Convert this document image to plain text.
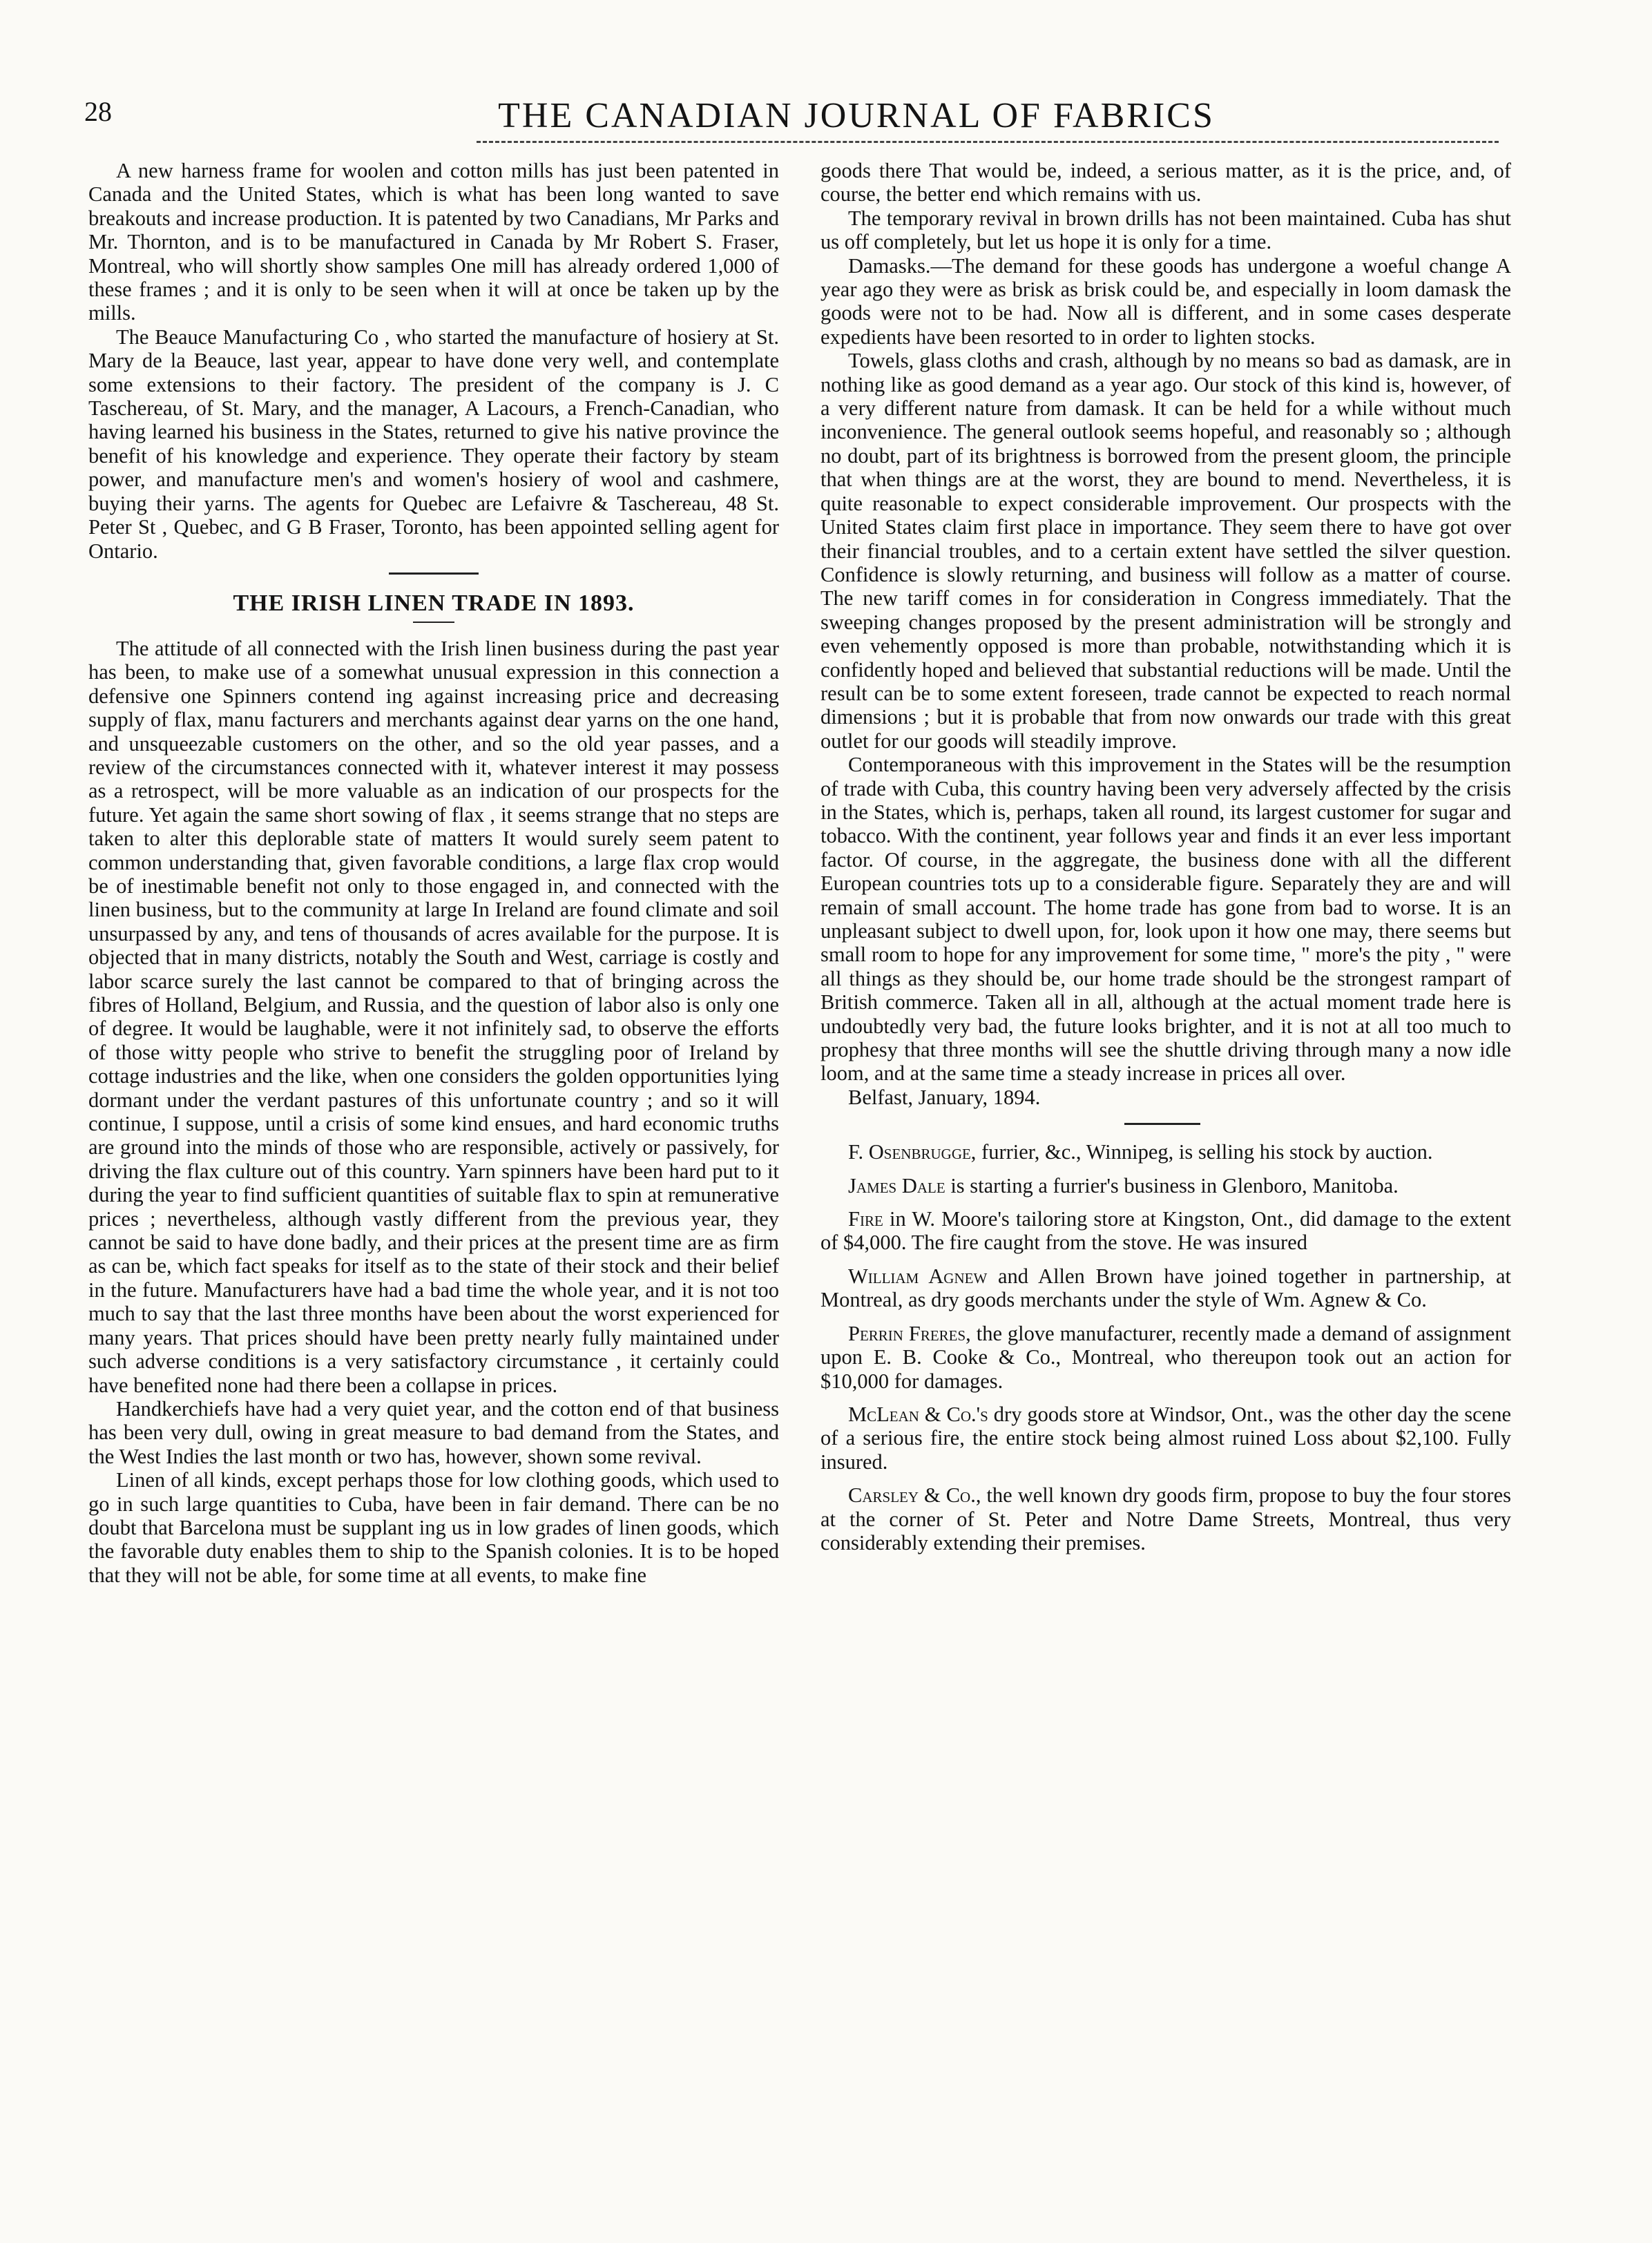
28	THE CANADIAN JOURNAL OF FABRICS

A new harness frame for woolen and cotton mills has just been patented in Canada and the United States, which is what has been long wanted to save breakouts and increase production. It is patented by two Canadians, Mr Parks and Mr. Thornton, and is to be manufactured in Canada by Mr Robert S. Fraser, Montreal, who will shortly show samples One mill has already ordered 1,000 of these frames ; and it is only to be seen when it will at once be taken up by the mills.

The Beauce Manufacturing Co , who started the manufacture of hosiery at St. Mary de la Beauce, last year, appear to have done very well, and contemplate some extensions to their factory. The president of the company is J. C Taschereau, of St. Mary, and the manager, A Lacours, a French-Canadian, who having learned his business in the States, returned to give his native province the benefit of his knowledge and experience. They operate their factory by steam power, and manufacture men's and women's hosiery of wool and cashmere, buying their yarns. The agents for Quebec are Lefaivre & Taschereau, 48 St. Peter St , Quebec, and G B Fraser, Toronto, has been appointed selling agent for Ontario.

THE IRISH LINEN TRADE IN 1893.

The attitude of all connected with the Irish linen business during the past year has been, to make use of a somewhat unusual expression in this connection a defensive one Spinners contend ing against increasing price and decreasing supply of flax, manu facturers and merchants against dear yarns on the one hand, and unsqueezable customers on the other, and so the old year passes, and a review of the circumstances connected with it, whatever interest it may possess as a retrospect, will be more valuable as an indication of our prospects for the future. Yet again the same short sowing of flax , it seems strange that no steps are taken to alter this deplorable state of matters It would surely seem patent to common understanding that, given favorable conditions, a large flax crop would be of inestimable benefit not only to those engaged in, and connected with the linen business, but to the community at large In Ireland are found climate and soil unsurpassed by any, and tens of thousands of acres available for the purpose. It is objected that in many districts, notably the South and West, carriage is costly and labor scarce surely the last cannot be compared to that of bringing across the fibres of Holland, Belgium, and Russia, and the question of labor also is only one of degree. It would be laughable, were it not infinitely sad, to observe the efforts of those witty people who strive to benefit the struggling poor of Ireland by cottage industries and the like, when one considers the golden opportunities lying dormant under the verdant pastures of this unfortunate country ; and so it will continue, I suppose, until a crisis of some kind ensues, and hard economic truths are ground into the minds of those who are responsible, actively or passively, for driving the flax culture out of this country. Yarn spinners have been hard put to it during the year to find sufficient quantities of suitable flax to spin at remunerative prices ; nevertheless, although vastly different from the previous year, they cannot be said to have done badly, and their prices at the present time are as firm as can be, which fact speaks for itself as to the state of their stock and their belief in the future. Manufacturers have had a bad time the whole year, and it is not too much to say that the last three months have been about the worst experienced for many years. That prices should have been pretty nearly fully maintained under such adverse conditions is a very satisfactory circumstance , it certainly could have benefited none had there been a collapse in prices.

Handkerchiefs have had a very quiet year, and the cotton end of that business has been very dull, owing in great measure to bad demand from the States, and the West Indies the last month or two has, however, shown some revival.

Linen of all kinds, except perhaps those for low clothing goods, which used to go in such large quantities to Cuba, have been in fair demand. There can be no doubt that Barcelona must be supplant ing us in low grades of linen goods, which the favorable duty enables them to ship to the Spanish colonies. It is to be hoped that they will not be able, for some time at all events, to make fine

goods there That would be, indeed, a serious matter, as it is the price, and, of course, the better end which remains with us.

The temporary revival in brown drills has not been maintained. Cuba has shut us off completely, but let us hope it is only for a time.

Damasks.—The demand for these goods has undergone a woeful change A year ago they were as brisk as brisk could be, and especially in loom damask the goods were not to be had. Now all is different, and in some cases desperate expedients have been resorted to in order to lighten stocks.

Towels, glass cloths and crash, although by no means so bad as damask, are in nothing like as good demand as a year ago. Our stock of this kind is, however, of a very different nature from damask. It can be held for a while without much inconvenience. The general outlook seems hopeful, and reasonably so ; although no doubt, part of its brightness is borrowed from the present gloom, the principle that when things are at the worst, they are bound to mend. Nevertheless, it is quite reasonable to expect considerable improvement. Our prospects with the United States claim first place in importance. They seem there to have got over their financial troubles, and to a certain extent have settled the silver question. Confidence is slowly returning, and business will follow as a matter of course. The new tariff comes in for consideration in Congress immediately. That the sweeping changes proposed by the present administration will be strongly and even vehemently opposed is more than probable, notwithstanding which it is confidently hoped and believed that substantial reductions will be made. Until the result can be to some extent foreseen, trade cannot be expected to reach normal dimensions ; but it is probable that from now onwards our trade with this great outlet for our goods will steadily improve.

Contemporaneous with this improvement in the States will be the resumption of trade with Cuba, this country having been very adversely affected by the crisis in the States, which is, perhaps, taken all round, its largest customer for sugar and tobacco. With the continent, year follows year and finds it an ever less important factor. Of course, in the aggregate, the business done with all the different European countries tots up to a considerable figure. Separately they are and will remain of small account. The home trade has gone from bad to worse. It is an unpleasant subject to dwell upon, for, look upon it how one may, there seems but small room to hope for any improvement for some time, " more's the pity , " were all things as they should be, our home trade should be the strongest rampart of British commerce. Taken all in all, although at the actual moment trade here is undoubtedly very bad, the future looks brighter, and it is not at all too much to prophesy that three months will see the shuttle driving through many a now idle loom, and at the same time a steady increase in prices all over.

Belfast, January, 1894.

F. Osenbrugge, furrier, &c., Winnipeg, is selling his stock by auction.

James Dale is starting a furrier's business in Glenboro, Manitoba.

Fire in W. Moore's tailoring store at Kingston, Ont., did damage to the extent of $4,000. The fire caught from the stove. He was insured

William Agnew and Allen Brown have joined together in partnership, at Montreal, as dry goods merchants under the style of Wm. Agnew & Co.

Perrin Freres, the glove manufacturer, recently made a demand of assignment upon E. B. Cooke & Co., Montreal, who thereupon took out an action for $10,000 for damages.

McLean & Co.'s dry goods store at Windsor, Ont., was the other day the scene of a serious fire, the entire stock being almost ruined Loss about $2,100. Fully insured.

Carsley & Co., the well known dry goods firm, propose to buy the four stores at the corner of St. Peter and Notre Dame Streets, Montreal, thus very considerably extending their premises.
